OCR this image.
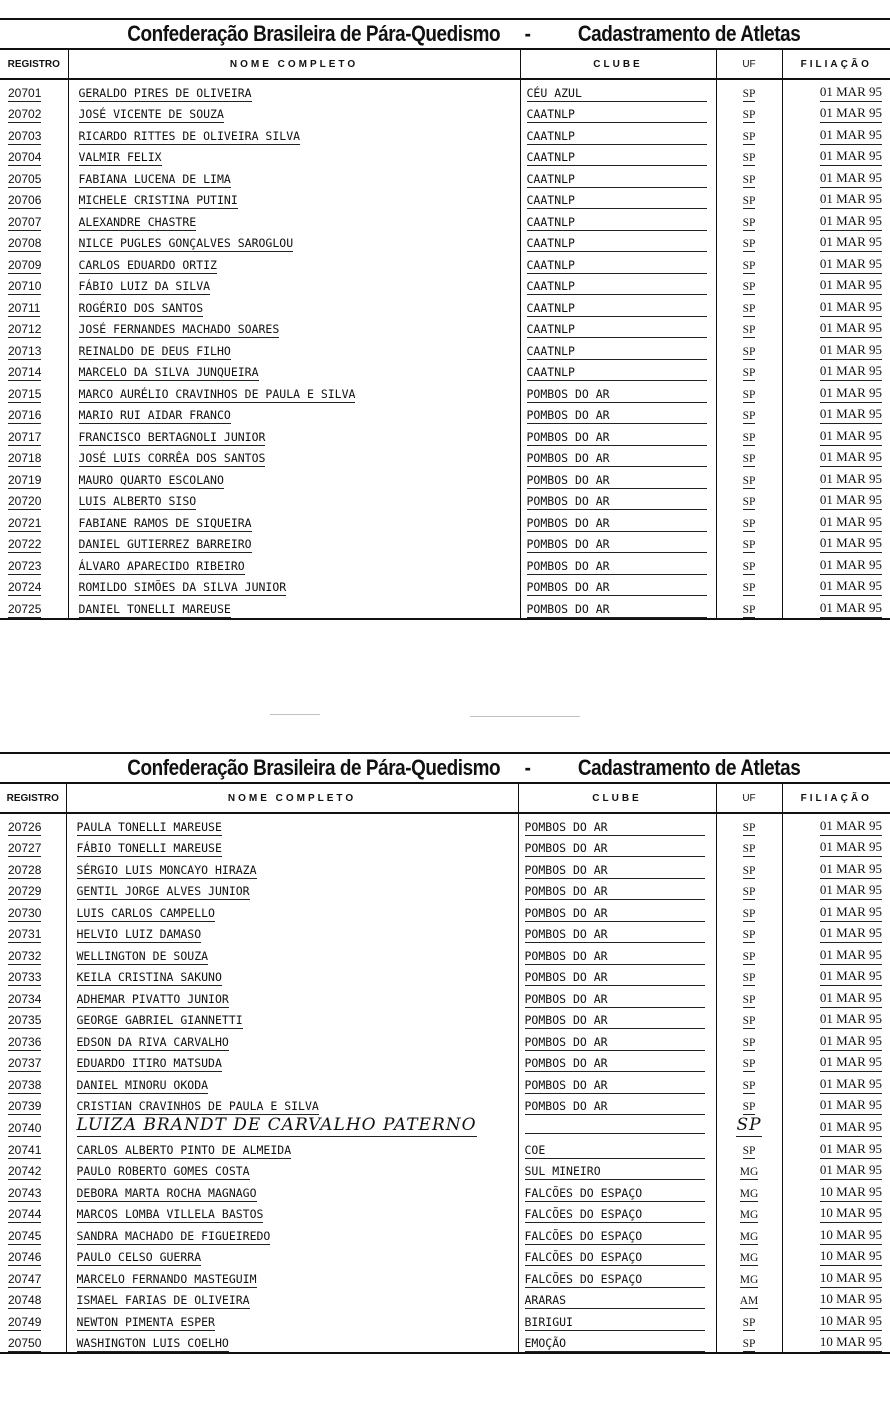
Confederação Brasileira de Pára-Quedismo - Cadastramento de Atletas
REGISTRO	NOME COMPLETO	CLUBE	UF	FILIAÇÃO
20701	GERALDO PIRES DE OLIVEIRA	CÉU AZUL	SP	01 MAR 95
20702	JOSÉ VICENTE DE SOUZA	CAATNLP	SP	01 MAR 95
20703	RICARDO RITTES DE OLIVEIRA SILVA	CAATNLP	SP	01 MAR 95
20704	VALMIR FELIX	CAATNLP	SP	01 MAR 95
20705	FABIANA LUCENA DE LIMA	CAATNLP	SP	01 MAR 95
20706	MICHELE CRISTINA PUTINI	CAATNLP	SP	01 MAR 95
20707	ALEXANDRE CHASTRE	CAATNLP	SP	01 MAR 95
20708	NILCE PUGLES GONÇALVES SAROGLOU	CAATNLP	SP	01 MAR 95
20709	CARLOS EDUARDO ORTIZ	CAATNLP	SP	01 MAR 95
20710	FÁBIO LUIZ DA SILVA	CAATNLP	SP	01 MAR 95
20711	ROGÉRIO DOS SANTOS	CAATNLP	SP	01 MAR 95
20712	JOSÉ FERNANDES MACHADO SOARES	CAATNLP	SP	01 MAR 95
20713	REINALDO DE DEUS FILHO	CAATNLP	SP	01 MAR 95
20714	MARCELO DA SILVA JUNQUEIRA	CAATNLP	SP	01 MAR 95
20715	MARCO AURÉLIO CRAVINHOS DE PAULA E SILVA	POMBOS DO AR	SP	01 MAR 95
20716	MARIO RUI AIDAR FRANCO	POMBOS DO AR	SP	01 MAR 95
20717	FRANCISCO BERTAGNOLI JUNIOR	POMBOS DO AR	SP	01 MAR 95
20718	JOSÉ LUIS CORRÊA DOS SANTOS	POMBOS DO AR	SP	01 MAR 95
20719	MAURO QUARTO ESCOLANO	POMBOS DO AR	SP	01 MAR 95
20720	LUIS ALBERTO SISO	POMBOS DO AR	SP	01 MAR 95
20721	FABIANE RAMOS DE SIQUEIRA	POMBOS DO AR	SP	01 MAR 95
20722	DANIEL GUTIERREZ BARREIRO	POMBOS DO AR	SP	01 MAR 95
20723	ÁLVARO APARECIDO RIBEIRO	POMBOS DO AR	SP	01 MAR 95
20724	ROMILDO SIMÕES DA SILVA JUNIOR	POMBOS DO AR	SP	01 MAR 95
20725	DANIEL TONELLI MAREUSE	POMBOS DO AR	SP	01 MAR 95
Confederação Brasileira de Pára-Quedismo - Cadastramento de Atletas
REGISTRO	NOME COMPLETO	CLUBE	UF	FILIAÇÃO
20726	PAULA TONELLI MAREUSE	POMBOS DO AR	SP	01 MAR 95
20727	FÁBIO TONELLI MAREUSE	POMBOS DO AR	SP	01 MAR 95
20728	SÉRGIO LUIS MONCAYO HIRAZA	POMBOS DO AR	SP	01 MAR 95
20729	GENTIL JORGE ALVES JUNIOR	POMBOS DO AR	SP	01 MAR 95
20730	LUIS CARLOS CAMPELLO	POMBOS DO AR	SP	01 MAR 95
20731	HELVIO LUIZ DAMASO	POMBOS DO AR	SP	01 MAR 95
20732	WELLINGTON DE SOUZA	POMBOS DO AR	SP	01 MAR 95
20733	KEILA CRISTINA SAKUNO	POMBOS DO AR	SP	01 MAR 95
20734	ADHEMAR PIVATTO JUNIOR	POMBOS DO AR	SP	01 MAR 95
20735	GEORGE GABRIEL GIANNETTI	POMBOS DO AR	SP	01 MAR 95
20736	EDSON DA RIVA CARVALHO	POMBOS DO AR	SP	01 MAR 95
20737	EDUARDO ITIRO MATSUDA	POMBOS DO AR	SP	01 MAR 95
20738	DANIEL MINORU OKODA	POMBOS DO AR	SP	01 MAR 95
20739	CRISTIAN CRAVINHOS DE PAULA E SILVA	POMBOS DO AR	SP	01 MAR 95
20740	LUIZA BRANDT DE CARVALHO PATERNO		SP	01 MAR 95
20741	CARLOS ALBERTO PINTO DE ALMEIDA	COE	SP	01 MAR 95
20742	PAULO ROBERTO GOMES COSTA	SUL MINEIRO	MG	01 MAR 95
20743	DEBORA MARTA ROCHA MAGNAGO	FALCÕES DO ESPAÇO	MG	10 MAR 95
20744	MARCOS LOMBA VILLELA BASTOS	FALCÕES DO ESPAÇO	MG	10 MAR 95
20745	SANDRA MACHADO DE FIGUEIREDO	FALCÕES DO ESPAÇO	MG	10 MAR 95
20746	PAULO CELSO GUERRA	FALCÕES DO ESPAÇO	MG	10 MAR 95
20747	MARCELO FERNANDO MASTEGUIM	FALCÕES DO ESPAÇO	MG	10 MAR 95
20748	ISMAEL FARIAS DE OLIVEIRA	ARARAS	AM	10 MAR 95
20749	NEWTON PIMENTA ESPER	BIRIGUI	SP	10 MAR 95
20750	WASHINGTON LUIS COELHO	EMOÇÃO	SP	10 MAR 95
